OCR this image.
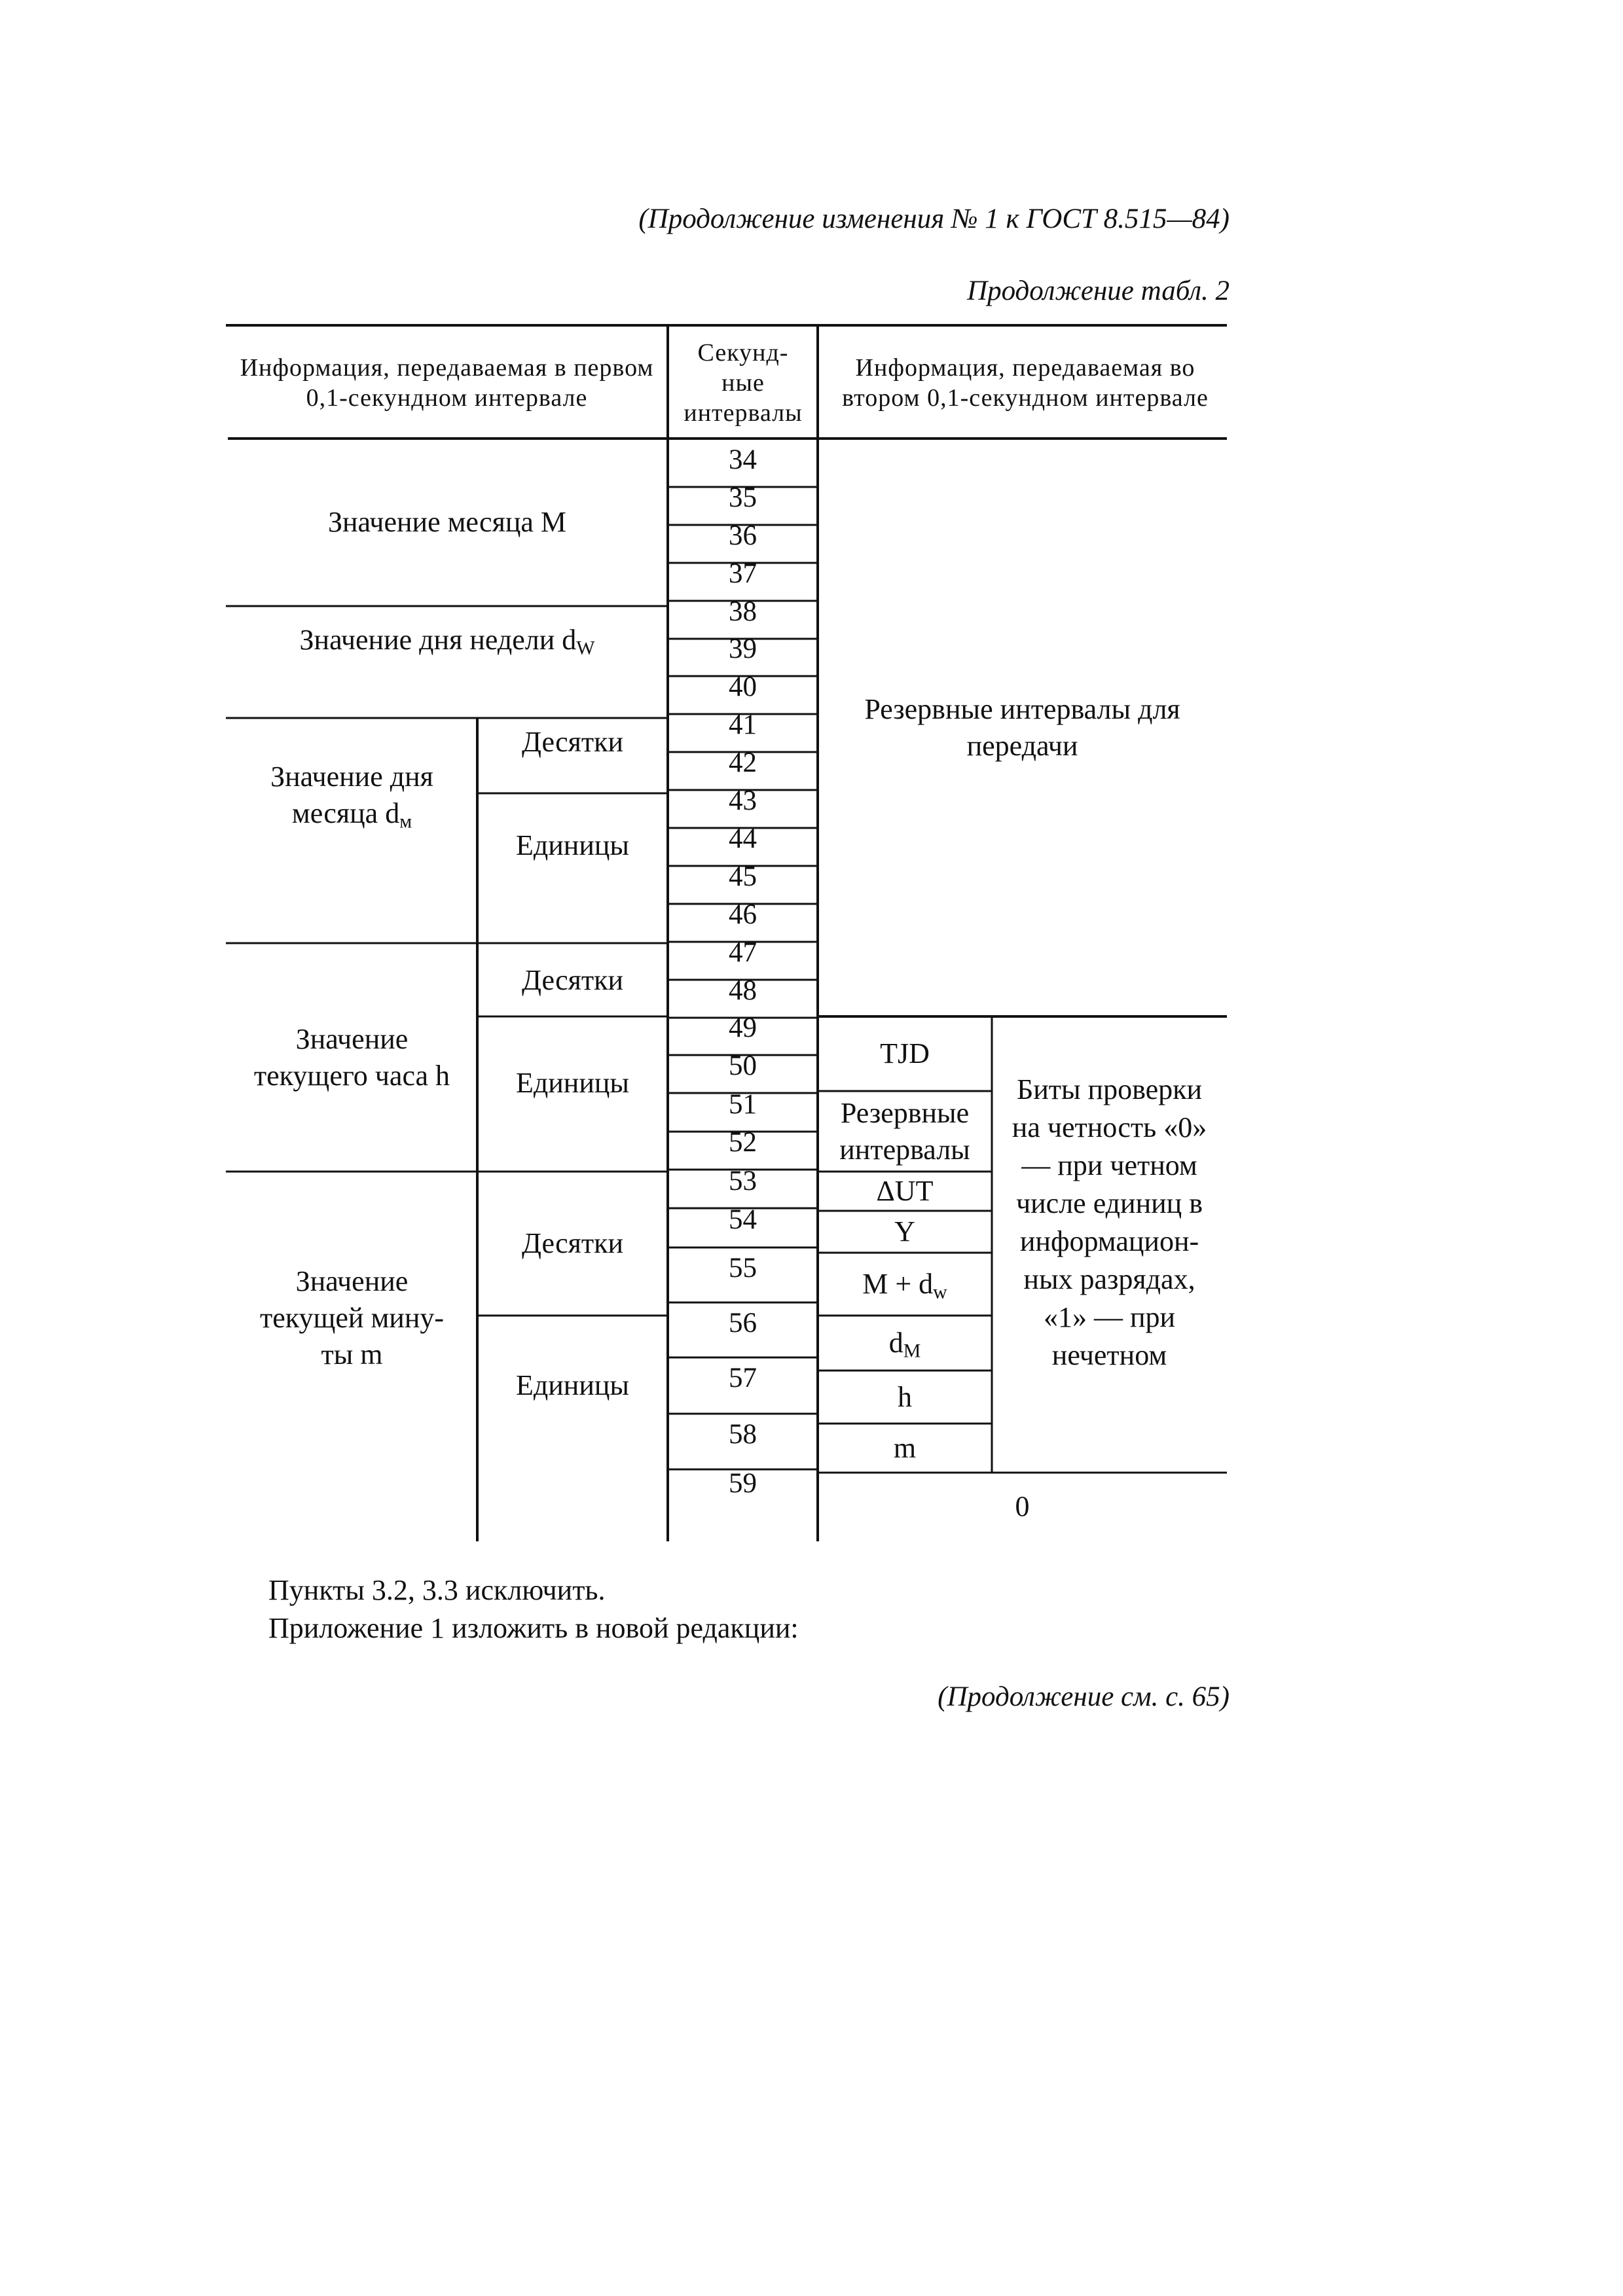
(Продолжение изменения № 1 к ГОСТ 8.515—84)
Продолжение табл. 2
Информация, передаваемая в первом 0,1-секундном интервале
Секунд-ные интервалы
Информация, передаваемая во втором 0,1-секундном интервале
Значение месяца М
Значение дня недели $d_W$
Значение дня месяца $d_м$
Значение текущего часа h
Значение текущей мину-ты m
Десятки
Единицы
Десятки
Единицы
Десятки
Единицы
34
35
36
37
38
39
40
41
42
43
44
45
46
47
48
49
50
51
52
53
54
55
56
57
58
59
Резервные интервалы для передачи
TJD
Резервные интервалы
ΔUT
Y
$M + d_w$
$d_M$
h
m
0
Биты проверки на четность «0» — при четном числе единиц в информацион-ных разрядах, «1» — при нечетном
Пункты 3.2, 3.3 исключить.
Приложение 1 изложить в новой редакции:
(Продолжение см. с. 65)
